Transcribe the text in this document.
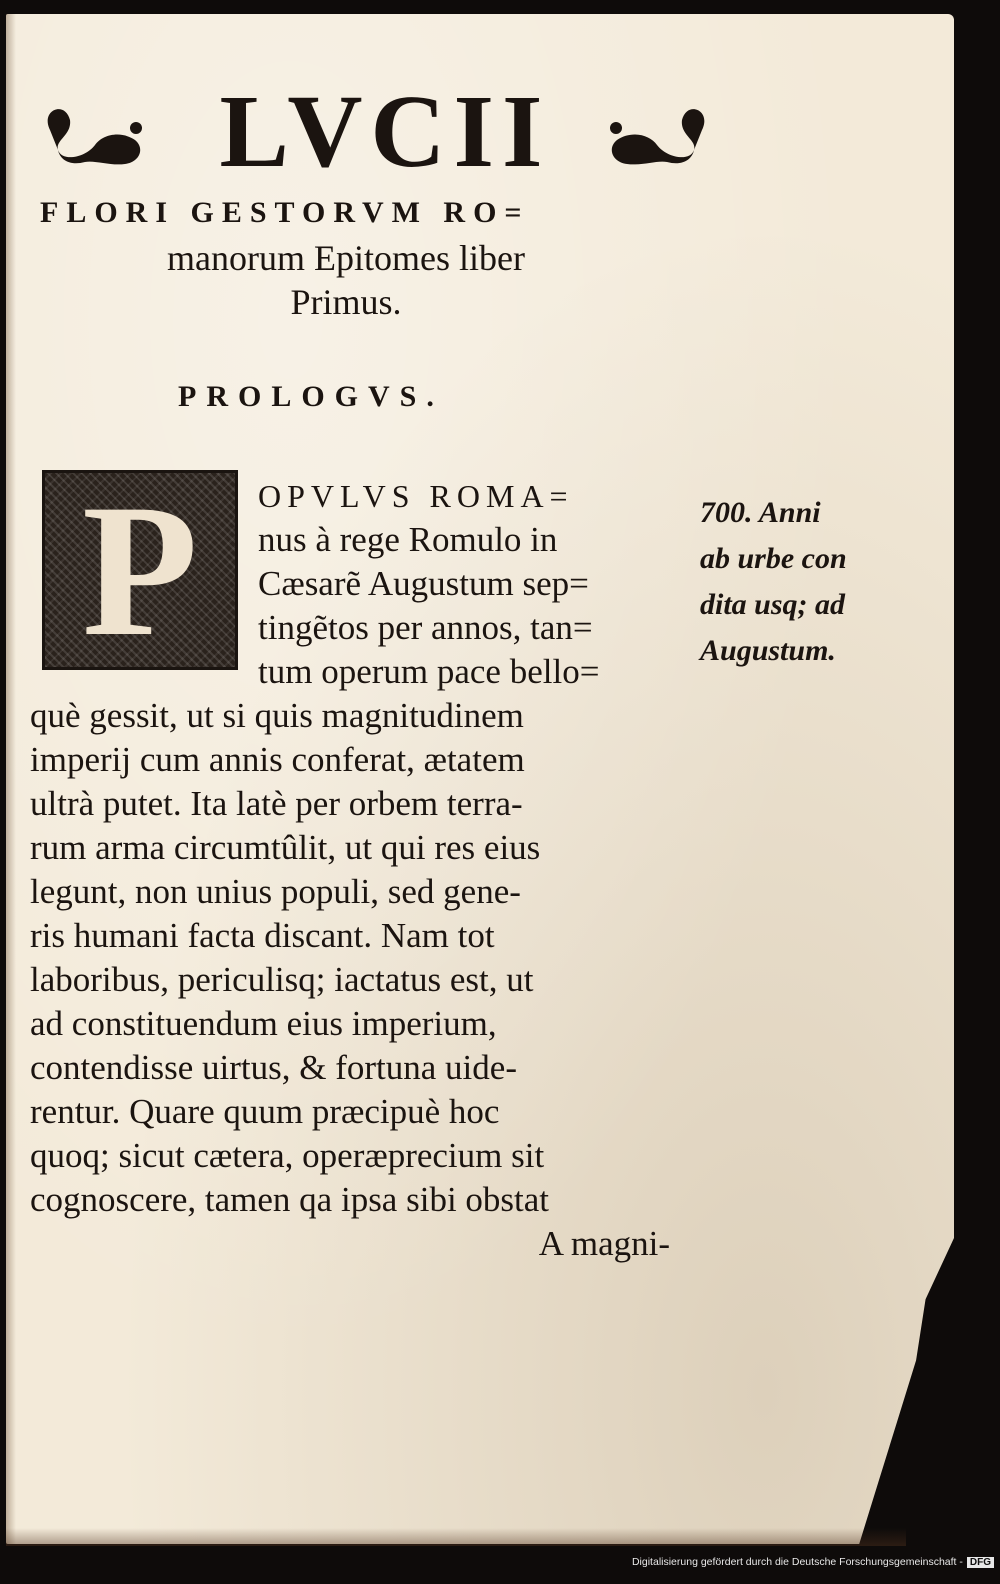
LVCII
FLORI GESTORVM RO=
manorum Epitomes liber
Primus.
PROLOGVS.
P	OPVLVS ROMA=
nus à rege Romulo in
Cæsarẽ Augustum sep=
tingẽtos per annos, tan=
tum operum pace bello=
què gessit, ut si quis magnitudinem
imperij cum annis conferat, ætatem
ultrà putet. Ita latè per orbem terra-
rum arma circumtûlit, ut qui res eius
legunt, non unius populi, sed gene-
ris humani facta discant. Nam tot
laboribus, periculisq; iactatus est, ut
ad constituendum eius imperium,
contendisse uirtus, & fortuna uide-
rentur. Quare quum præcipuè hoc
quoq; sicut cætera, operæprecium sit
cognoscere, tamen qa ipsa sibi obstat
A magni-
700. Anni
ab urbe con
dita usq; ad
Augustum.
Digitalisierung gefördert durch die Deutsche Forschungsgemeinschaft - DFG
